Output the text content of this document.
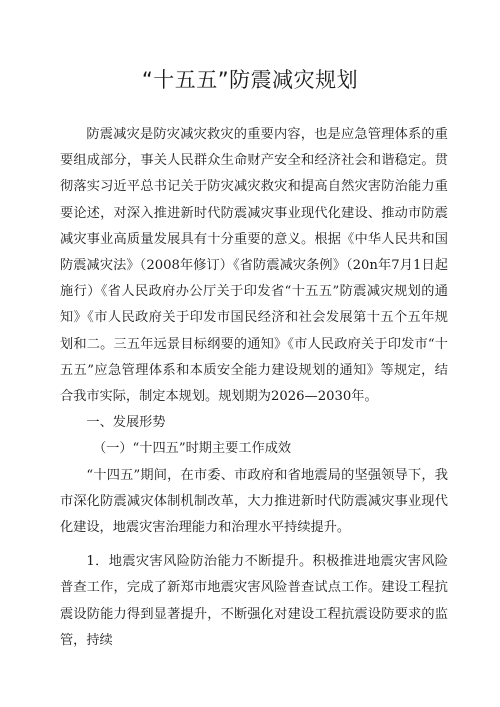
“十五五”防震减灾规划

防震减灾是防灾减灾救灾的重要内容，也是应急管理体系的重要组成部分，事关人民群众生命财产安全和经济社会和谐稳定。贯彻落实习近平总书记关于防灾减灾救灾和提高自然灾害防治能力重要论述，对深入推进新时代防震减灾事业现代化建设、推动市防震减灾事业高质量发展具有十分重要的意义。根据《中华人民共和国防震减灾法》（2008年修订）《省防震减灾条例》（20n年7月1日起施行）《省人民政府办公厅关于印发省“十五五”防震减灾规划的通知》《市人民政府关于印发市国民经济和社会发展第十五个五年规划和二。三五年远景目标纲要的通知》《市人民政府关于印发市“十五五”应急管理体系和本质安全能力建设规划的通知》等规定，结合我市实际，制定本规划。规划期为2026—2030年。

一、发展形势

（一）“十四五”时期主要工作成效

“十四五”期间，在市委、市政府和省地震局的坚强领导下，我市深化防震减灾体制机制改革，大力推进新时代防震减灾事业现代化建设，地震灾害治理能力和治理水平持续提升。

1．地震灾害风险防治能力不断提升。积极推进地震灾害风险普查工作，完成了新郑市地震灾害风险普查试点工作。建设工程抗震设防能力得到显著提升，不断强化对建设工程抗震设防要求的监管，持续
